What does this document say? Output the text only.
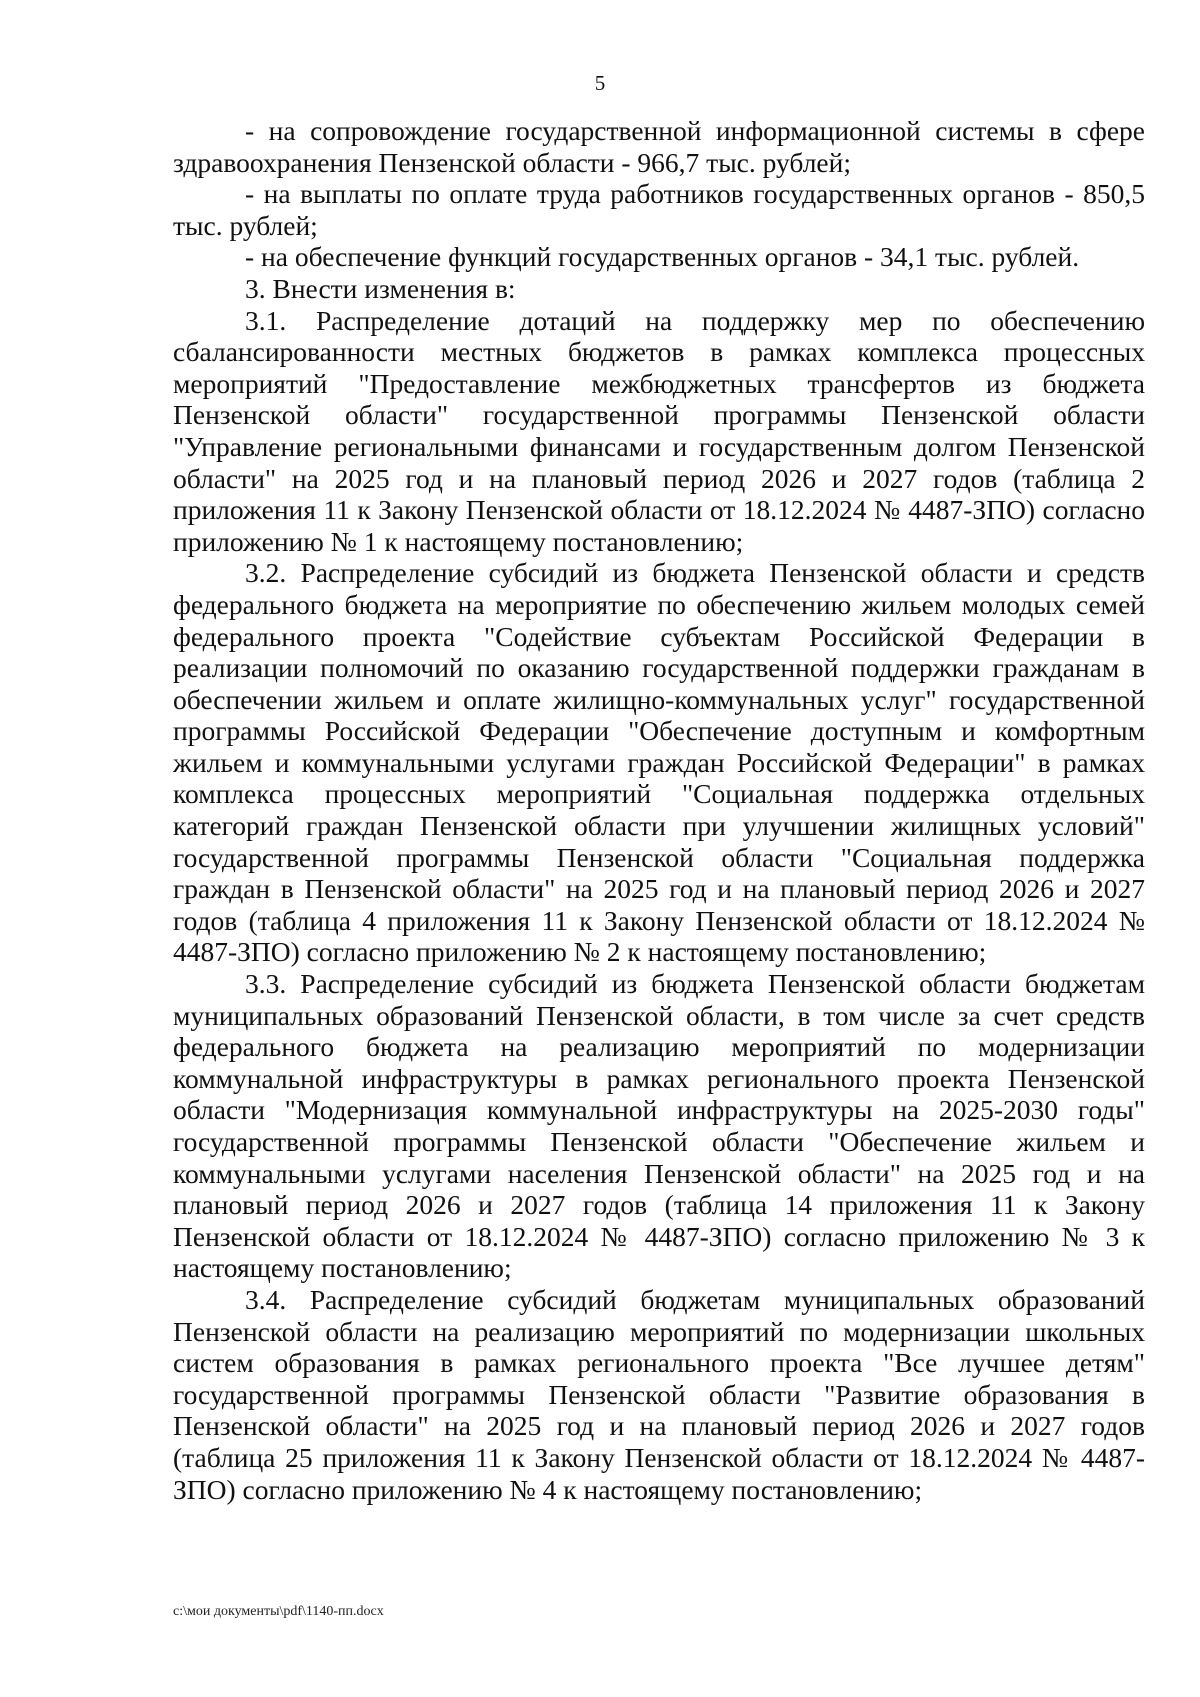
5

- на сопровождение государственной информационной системы в сфере здравоохранения Пензенской области - 966,7 тыс. рублей;

- на выплаты по оплате труда работников государственных органов - 850,5 тыс. рублей;

- на обеспечение функций государственных органов - 34,1 тыс. рублей.

3. Внести изменения в:

3.1. Распределение дотаций на поддержку мер по обеспечению сбалансированности местных бюджетов в рамках комплекса процессных мероприятий "Предоставление межбюджетных трансфертов из бюджета Пензенской области" государственной программы Пензенской области "Управление региональными финансами и государственным долгом Пензенской области" на 2025 год и на плановый период 2026 и 2027 годов (таблица 2 приложения 11 к Закону Пензенской области от 18.12.2024 № 4487-ЗПО) согласно приложению № 1 к настоящему постановлению;

3.2. Распределение субсидий из бюджета Пензенской области и средств федерального бюджета на мероприятие по обеспечению жильем молодых семей федерального проекта "Содействие субъектам Российской Федерации в реализации полномочий по оказанию государственной поддержки гражданам в обеспечении жильем и оплате жилищно-коммунальных услуг" государственной программы Российской Федерации "Обеспечение доступным и комфортным жильем и коммунальными услугами граждан Российской Федерации" в рамках комплекса процессных мероприятий "Социальная поддержка отдельных категорий граждан Пензенской области при улучшении жилищных условий" государственной программы Пензенской области "Социальная поддержка граждан в Пензенской области" на 2025 год и на плановый период 2026 и 2027 годов (таблица 4 приложения 11 к Закону Пензенской области от 18.12.2024 № 4487-ЗПО) согласно приложению № 2 к настоящему постановлению;

3.3. Распределение субсидий из бюджета Пензенской области бюджетам муниципальных образований Пензенской области, в том числе за счет средств федерального бюджета на реализацию мероприятий по модернизации коммунальной инфраструктуры в рамках регионального проекта Пензенской области "Модернизация коммунальной инфраструктуры на 2025-2030 годы" государственной программы Пензенской области "Обеспечение жильем и коммунальными услугами населения Пензенской области" на 2025 год и на плановый период 2026 и 2027 годов (таблица 14 приложения 11 к Закону Пензенской области от 18.12.2024 № 4487-ЗПО) согласно приложению № 3 к настоящему постановлению;

3.4. Распределение субсидий бюджетам муниципальных образований Пензенской области на реализацию мероприятий по модернизации школьных систем образования в рамках регионального проекта "Все лучшее детям" государственной программы Пензенской области "Развитие образования в Пензенской области" на 2025 год и на плановый период 2026 и 2027 годов (таблица 25 приложения 11 к Закону Пензенской области от 18.12.2024 № 4487-ЗПО) согласно приложению № 4 к настоящему постановлению;

c:\мои документы\pdf\1140-пп.docx
